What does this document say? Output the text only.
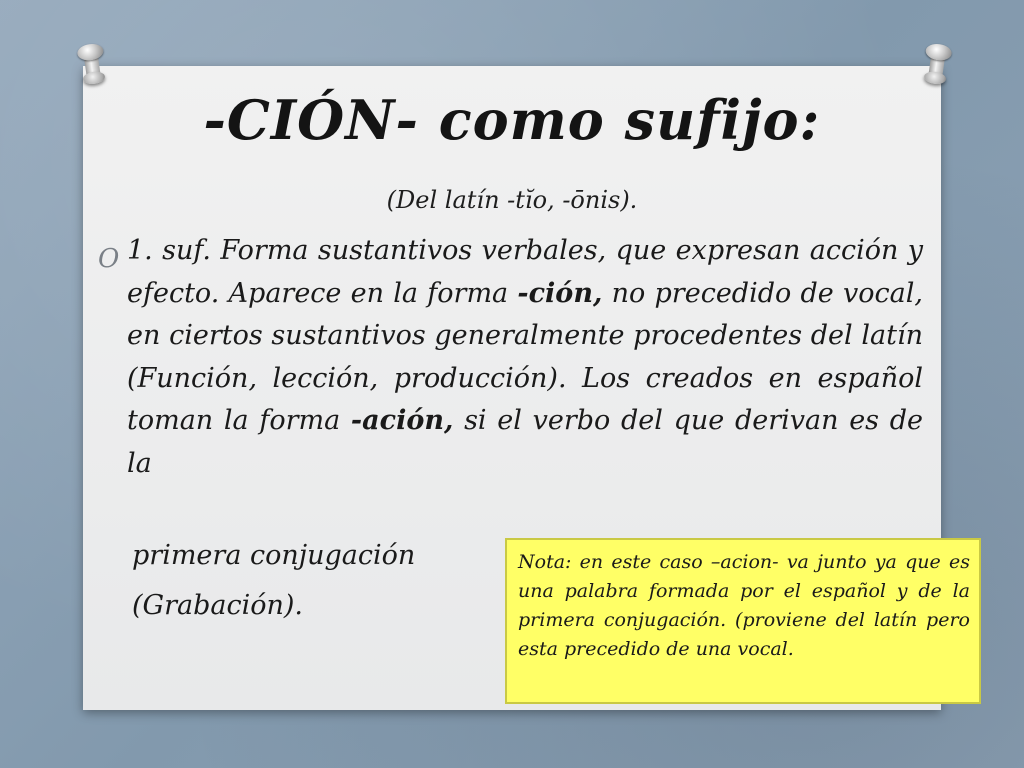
-CIÓN- como sufijo:
(Del latín -tĭo, -ōnis).
O 1. suf. Forma sustantivos verbales, que expresan acción y efecto. Aparece en la forma -ción, no precedido de vocal, en ciertos sustantivos generalmente procedentes del latín (Función, lección, producción). Los creados en español toman la forma -ación, si el verbo del que derivan es de la
primera conjugación
(Grabación).
Nota: en este caso –acion- va junto ya que es una palabra formada por el español y de la primera conjugación. (proviene del latín pero esta precedido de una vocal.
